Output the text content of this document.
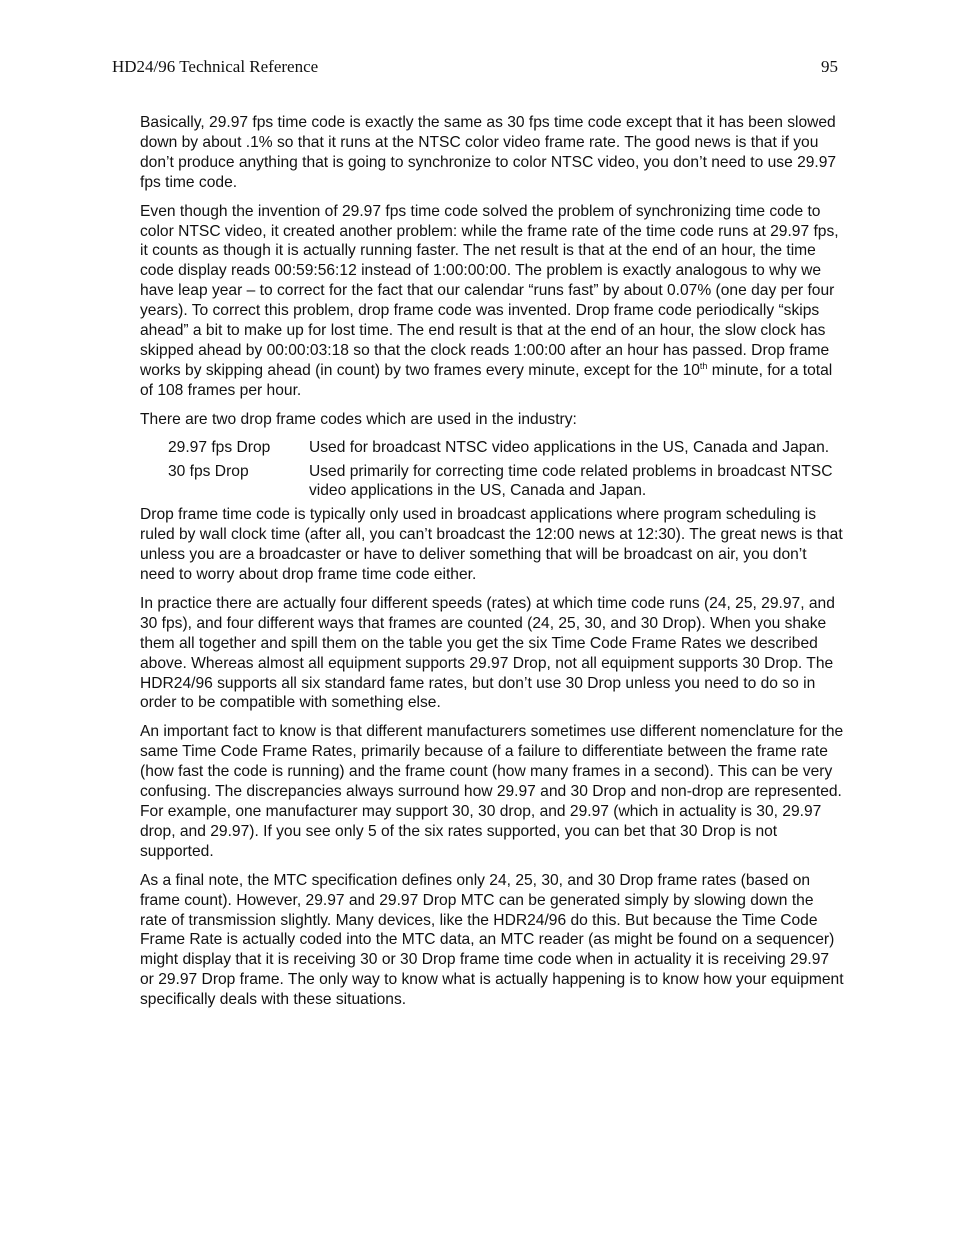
HD24/96 Technical Reference	95

Basically, 29.97 fps time code is exactly the same as 30 fps time code except that it has been slowed down by about .1% so that it runs at the NTSC color video frame rate. The good news is that if you don’t produce anything that is going to synchronize to color NTSC video, you don’t need to use 29.97 fps time code.

Even though the invention of 29.97 fps time code solved the problem of synchronizing time code to color NTSC video, it created another problem: while the frame rate of the time code runs at 29.97 fps, it counts as though it is actually running faster. The net result is that at the end of an hour, the time code display reads 00:59:56:12 instead of 1:00:00:00. The problem is exactly analogous to why we have leap year – to correct for the fact that our calendar “runs fast” by about 0.07% (one day per four years). To correct this problem, drop frame code was invented. Drop frame code periodically “skips ahead” a bit to make up for lost time. The end result is that at the end of an hour, the slow clock has skipped ahead by 00:00:03:18 so that the clock reads 1:00:00 after an hour has passed. Drop frame works by skipping ahead (in count) by two frames every minute, except for the 10th minute, for a total of 108 frames per hour.

There are two drop frame codes which are used in the industry:

29.97 fps Drop	Used for broadcast NTSC video applications in the US, Canada and Japan.
30 fps Drop	Used primarily for correcting time code related problems in broadcast NTSC video applications in the US, Canada and Japan.

Drop frame time code is typically only used in broadcast applications where program scheduling is ruled by wall clock time (after all, you can’t broadcast the 12:00 news at 12:30). The great news is that unless you are a broadcaster or have to deliver something that will be broadcast on air, you don’t need to worry about drop frame time code either.

In practice there are actually four different speeds (rates) at which time code runs (24, 25, 29.97, and 30 fps), and four different ways that frames are counted (24, 25, 30, and 30 Drop). When you shake them all together and spill them on the table you get the six Time Code Frame Rates we described above. Whereas almost all equipment supports 29.97 Drop, not all equipment supports 30 Drop. The HDR24/96 supports all six standard fame rates, but don’t use 30 Drop unless you need to do so in order to be compatible with something else.

An important fact to know is that different manufacturers sometimes use different nomenclature for the same Time Code Frame Rates, primarily because of a failure to differentiate between the frame rate (how fast the code is running) and the frame count (how many frames in a second). This can be very confusing. The discrepancies always surround how 29.97 and 30 Drop and non-drop are represented. For example, one manufacturer may support 30, 30 drop, and 29.97 (which in actuality is 30, 29.97 drop, and 29.97). If you see only 5 of the six rates supported, you can bet that 30 Drop is not supported.

As a final note, the MTC specification defines only 24, 25, 30, and 30 Drop frame rates (based on frame count). However, 29.97 and 29.97 Drop MTC can be generated simply by slowing down the rate of transmission slightly. Many devices, like the HDR24/96 do this. But because the Time Code Frame Rate is actually coded into the MTC data, an MTC reader (as might be found on a sequencer) might display that it is receiving 30 or 30 Drop frame time code when in actuality it is receiving 29.97 or 29.97 Drop frame. The only way to know what is actually happening is to know how your equipment specifically deals with these situations.
